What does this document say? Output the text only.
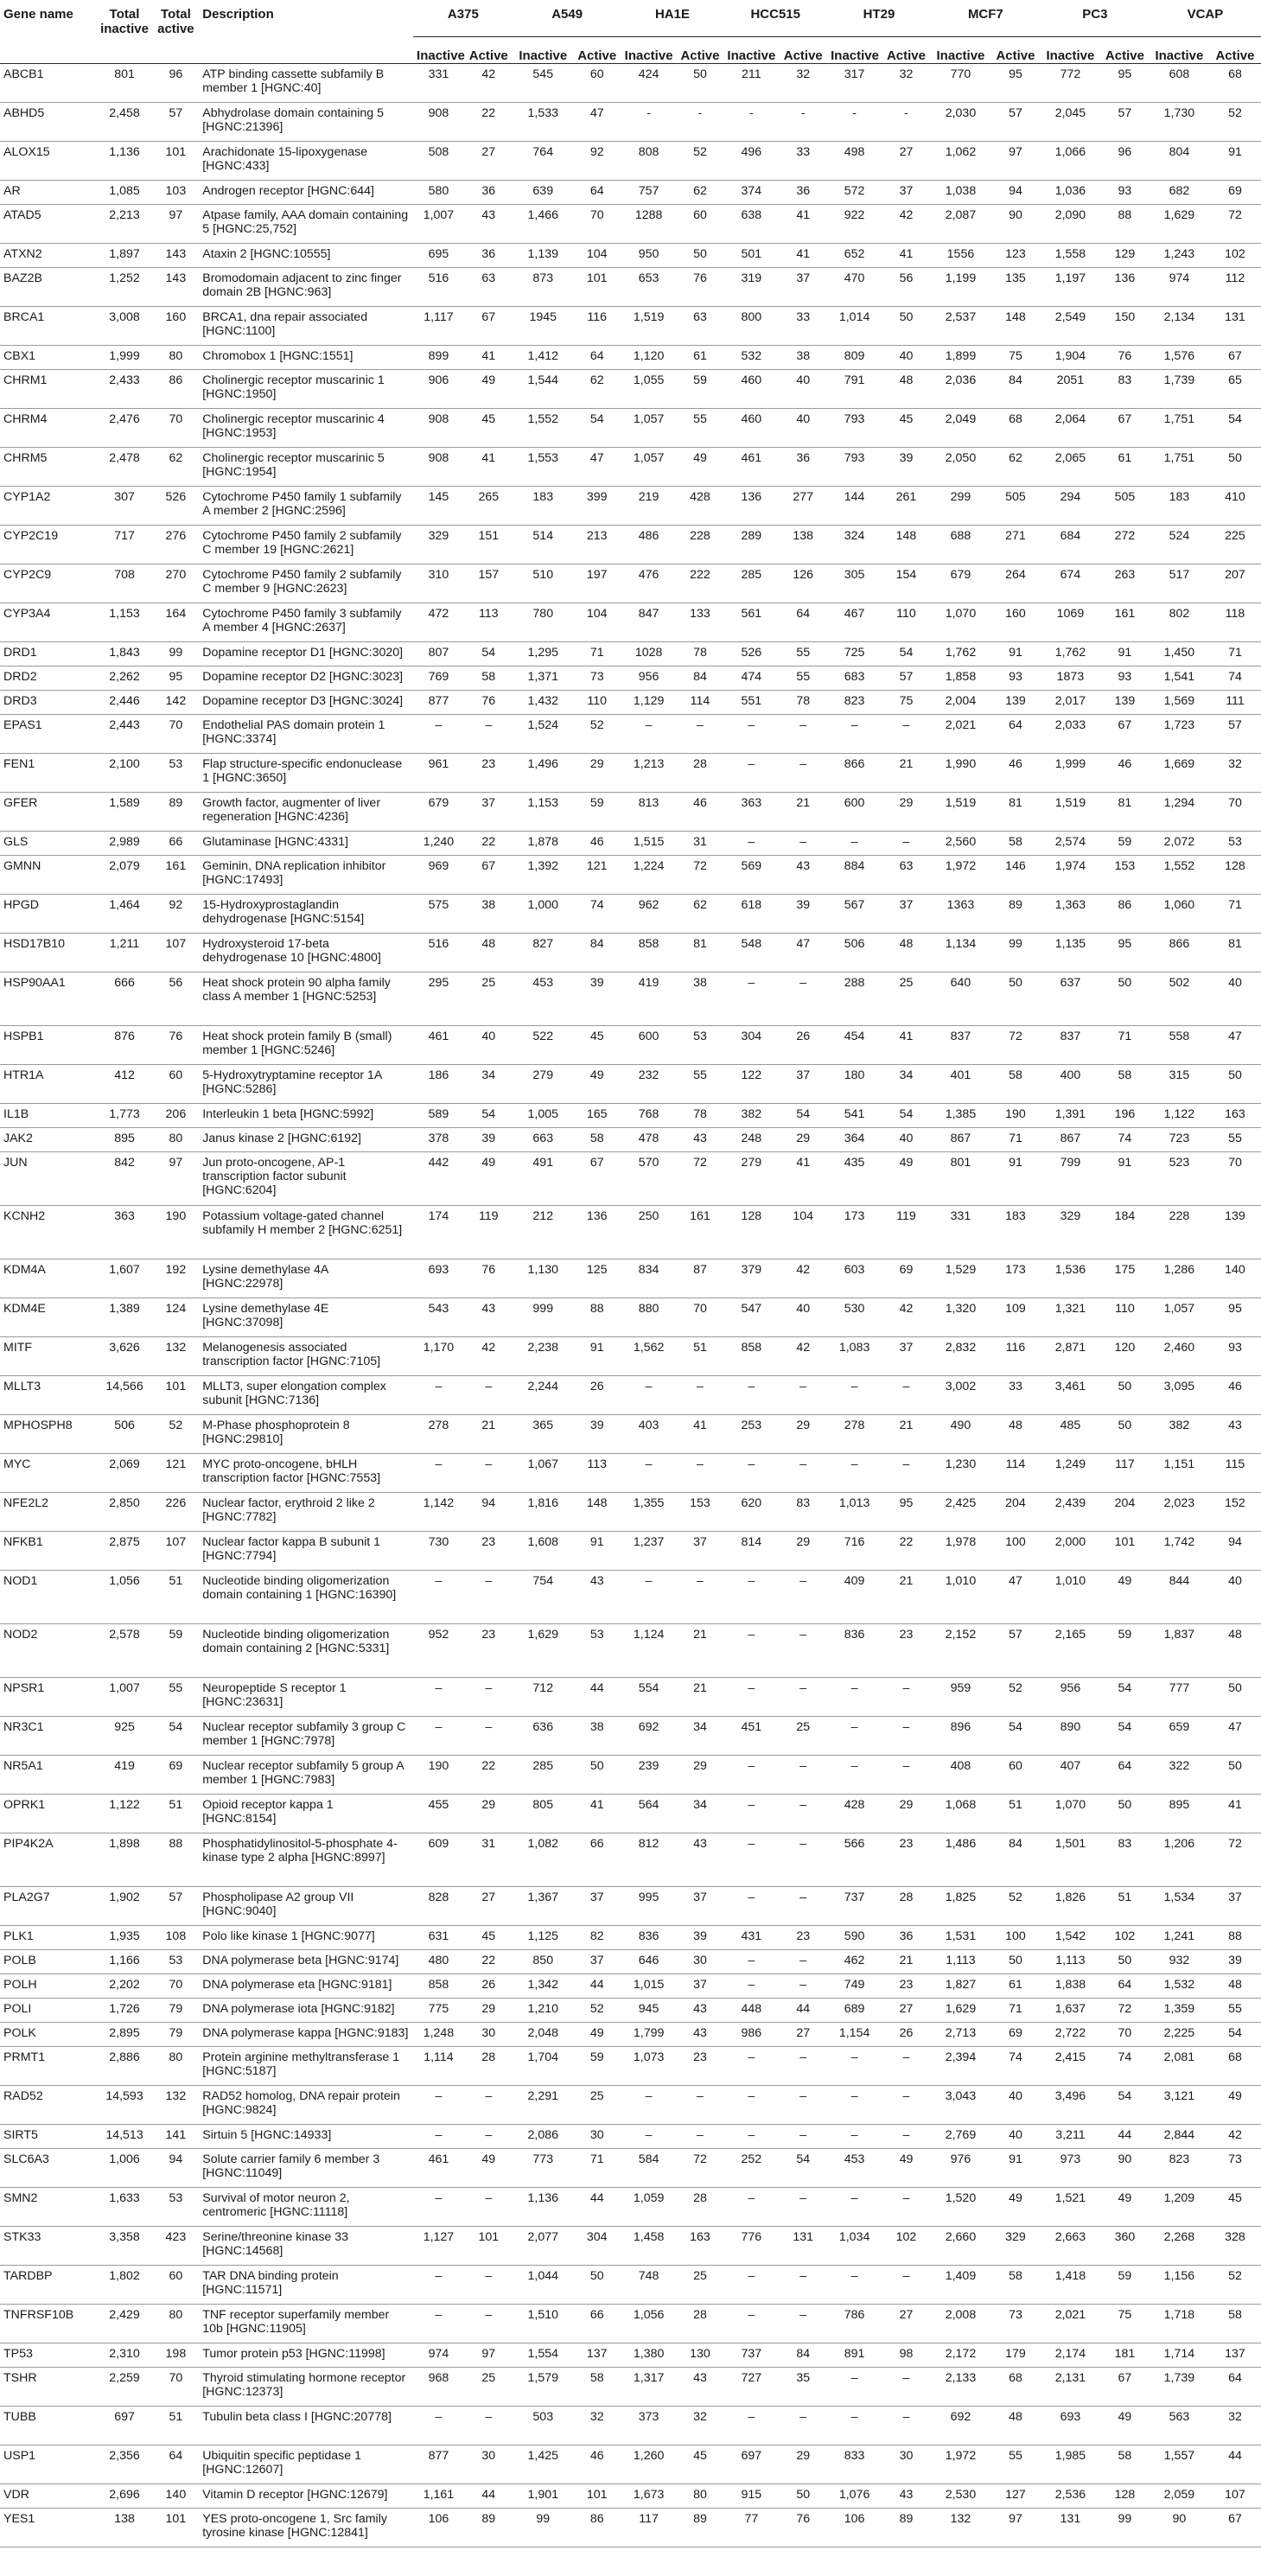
Gene name	Total inactive	Total active	Description	A375		A549		HA1E		HCC515		HT29		MCF7		PC3		VCAP	
				Inactive	Active	Inactive	Active	Inactive	Active	Inactive	Active	Inactive	Active	Inactive	Active	Inactive	Active	Inactive	Active
ABCB1	801	96	ATP binding cassette subfamily B member 1 [HGNC:40]	331	42	545	60	424	50	211	32	317	32	770	95	772	95	608	68
ABHD5	2,458	57	Abhydrolase domain containing 5 [HGNC:21396]	908	22	1,533	47	-	-	-	-	-	-	2,030	57	2,045	57	1,730	52
ALOX15	1,136	101	Arachidonate 15-lipoxygenase [HGNC:433]	508	27	764	92	808	52	496	33	498	27	1,062	97	1,066	96	804	91
AR	1,085	103	Androgen receptor [HGNC:644]	580	36	639	64	757	62	374	36	572	37	1,038	94	1,036	93	682	69
ATAD5	2,213	97	Atpase family, AAA domain containing 5 [HGNC:25,752]	1,007	43	1,466	70	1288	60	638	41	922	42	2,087	90	2,090	88	1,629	72
ATXN2	1,897	143	Ataxin 2 [HGNC:10555]	695	36	1,139	104	950	50	501	41	652	41	1556	123	1,558	129	1,243	102
BAZ2B	1,252	143	Bromodomain adjacent to zinc finger domain 2B [HGNC:963]	516	63	873	101	653	76	319	37	470	56	1,199	135	1,197	136	974	112
BRCA1	3,008	160	BRCA1, dna repair associated [HGNC:1100]	1,117	67	1945	116	1,519	63	800	33	1,014	50	2,537	148	2,549	150	2,134	131
CBX1	1,999	80	Chromobox 1 [HGNC:1551]	899	41	1,412	64	1,120	61	532	38	809	40	1,899	75	1,904	76	1,576	67
CHRM1	2,433	86	Cholinergic receptor muscarinic 1 [HGNC:1950]	906	49	1,544	62	1,055	59	460	40	791	48	2,036	84	2051	83	1,739	65
CHRM4	2,476	70	Cholinergic receptor muscarinic 4 [HGNC:1953]	908	45	1,552	54	1,057	55	460	40	793	45	2,049	68	2,064	67	1,751	54
CHRM5	2,478	62	Cholinergic receptor muscarinic 5 [HGNC:1954]	908	41	1,553	47	1,057	49	461	36	793	39	2,050	62	2,065	61	1,751	50
CYP1A2	307	526	Cytochrome P450 family 1 subfamily A member 2 [HGNC:2596]	145	265	183	399	219	428	136	277	144	261	299	505	294	505	183	410
CYP2C19	717	276	Cytochrome P450 family 2 subfamily C member 19 [HGNC:2621]	329	151	514	213	486	228	289	138	324	148	688	271	684	272	524	225
CYP2C9	708	270	Cytochrome P450 family 2 subfamily C member 9 [HGNC:2623]	310	157	510	197	476	222	285	126	305	154	679	264	674	263	517	207
CYP3A4	1,153	164	Cytochrome P450 family 3 subfamily A member 4 [HGNC:2637]	472	113	780	104	847	133	561	64	467	110	1,070	160	1069	161	802	118
DRD1	1,843	99	Dopamine receptor D1 [HGNC:3020]	807	54	1,295	71	1028	78	526	55	725	54	1,762	91	1,762	91	1,450	71
DRD2	2,262	95	Dopamine receptor D2 [HGNC:3023]	769	58	1,371	73	956	84	474	55	683	57	1,858	93	1873	93	1,541	74
DRD3	2,446	142	Dopamine receptor D3 [HGNC:3024]	877	76	1,432	110	1,129	114	551	78	823	75	2,004	139	2,017	139	1,569	111
EPAS1	2,443	70	Endothelial PAS domain protein 1 [HGNC:3374]	–	–	1,524	52	–	–	–	–	–	–	2,021	64	2,033	67	1,723	57
FEN1	2,100	53	Flap structure-specific endonuclease 1 [HGNC:3650]	961	23	1,496	29	1,213	28	–	–	866	21	1,990	46	1,999	46	1,669	32
GFER	1,589	89	Growth factor, augmenter of liver regeneration [HGNC:4236]	679	37	1,153	59	813	46	363	21	600	29	1,519	81	1,519	81	1,294	70
GLS	2,989	66	Glutaminase [HGNC:4331]	1,240	22	1,878	46	1,515	31	–	–	–	–	2,560	58	2,574	59	2,072	53
GMNN	2,079	161	Geminin, DNA replication inhibitor [HGNC:17493]	969	67	1,392	121	1,224	72	569	43	884	63	1,972	146	1,974	153	1,552	128
HPGD	1,464	92	15-Hydroxyprostaglandin dehydrogenase [HGNC:5154]	575	38	1,000	74	962	62	618	39	567	37	1363	89	1,363	86	1,060	71
HSD17B10	1,211	107	Hydroxysteroid 17-beta dehydrogenase 10 [HGNC:4800]	516	48	827	84	858	81	548	47	506	48	1,134	99	1,135	95	866	81
HSP90AA1	666	56	Heat shock protein 90 alpha family class A member 1 [HGNC:5253]	295	25	453	39	419	38	–	–	288	25	640	50	637	50	502	40
HSPB1	876	76	Heat shock protein family B (small) member 1 [HGNC:5246]	461	40	522	45	600	53	304	26	454	41	837	72	837	71	558	47
HTR1A	412	60	5-Hydroxytryptamine receptor 1A [HGNC:5286]	186	34	279	49	232	55	122	37	180	34	401	58	400	58	315	50
IL1B	1,773	206	Interleukin 1 beta [HGNC:5992]	589	54	1,005	165	768	78	382	54	541	54	1,385	190	1,391	196	1,122	163
JAK2	895	80	Janus kinase 2 [HGNC:6192]	378	39	663	58	478	43	248	29	364	40	867	71	867	74	723	55
JUN	842	97	Jun proto-oncogene, AP-1 transcription factor subunit [HGNC:6204]	442	49	491	67	570	72	279	41	435	49	801	91	799	91	523	70
KCNH2	363	190	Potassium voltage-gated channel subfamily H member 2 [HGNC:6251]	174	119	212	136	250	161	128	104	173	119	331	183	329	184	228	139
KDM4A	1,607	192	Lysine demethylase 4A [HGNC:22978]	693	76	1,130	125	834	87	379	42	603	69	1,529	173	1,536	175	1,286	140
KDM4E	1,389	124	Lysine demethylase 4E [HGNC:37098]	543	43	999	88	880	70	547	40	530	42	1,320	109	1,321	110	1,057	95
MITF	3,626	132	Melanogenesis associated transcription factor [HGNC:7105]	1,170	42	2,238	91	1,562	51	858	42	1,083	37	2,832	116	2,871	120	2,460	93
MLLT3	14,566	101	MLLT3, super elongation complex subunit [HGNC:7136]	–	–	2,244	26	–	–	–	–	–	–	3,002	33	3,461	50	3,095	46
MPHOSPH8	506	52	M-Phase phosphoprotein 8 [HGNC:29810]	278	21	365	39	403	41	253	29	278	21	490	48	485	50	382	43
MYC	2,069	121	MYC proto-oncogene, bHLH transcription factor [HGNC:7553]	–	–	1,067	113	–	–	–	–	–	–	1,230	114	1,249	117	1,151	115
NFE2L2	2,850	226	Nuclear factor, erythroid 2 like 2 [HGNC:7782]	1,142	94	1,816	148	1,355	153	620	83	1,013	95	2,425	204	2,439	204	2,023	152
NFKB1	2,875	107	Nuclear factor kappa B subunit 1 [HGNC:7794]	730	23	1,608	91	1,237	37	814	29	716	22	1,978	100	2,000	101	1,742	94
NOD1	1,056	51	Nucleotide binding oligomerization domain containing 1 [HGNC:16390]	–	–	754	43	–	–	–	–	409	21	1,010	47	1,010	49	844	40
NOD2	2,578	59	Nucleotide binding oligomerization domain containing 2 [HGNC:5331]	952	23	1,629	53	1,124	21	–	–	836	23	2,152	57	2,165	59	1,837	48
NPSR1	1,007	55	Neuropeptide S receptor 1 [HGNC:23631]	–	–	712	44	554	21	–	–	–	–	959	52	956	54	777	50
NR3C1	925	54	Nuclear receptor subfamily 3 group C member 1 [HGNC:7978]	–	–	636	38	692	34	451	25	–	–	896	54	890	54	659	47
NR5A1	419	69	Nuclear receptor subfamily 5 group A member 1 [HGNC:7983]	190	22	285	50	239	29	–	–	–	–	408	60	407	64	322	50
OPRK1	1,122	51	Opioid receptor kappa 1 [HGNC:8154]	455	29	805	41	564	34	–	–	428	29	1,068	51	1,070	50	895	41
PIP4K2A	1,898	88	Phosphatidylinositol-5-phosphate 4-kinase type 2 alpha [HGNC:8997]	609	31	1,082	66	812	43	–	–	566	23	1,486	84	1,501	83	1,206	72
PLA2G7	1,902	57	Phospholipase A2 group VII [HGNC:9040]	828	27	1,367	37	995	37	–	–	737	28	1,825	52	1,826	51	1,534	37
PLK1	1,935	108	Polo like kinase 1 [HGNC:9077]	631	45	1,125	82	836	39	431	23	590	36	1,531	100	1,542	102	1,241	88
POLB	1,166	53	DNA polymerase beta [HGNC:9174]	480	22	850	37	646	30	–	–	462	21	1,113	50	1,113	50	932	39
POLH	2,202	70	DNA polymerase eta [HGNC:9181]	858	26	1,342	44	1,015	37	–	–	749	23	1,827	61	1,838	64	1,532	48
POLI	1,726	79	DNA polymerase iota [HGNC:9182]	775	29	1,210	52	945	43	448	44	689	27	1,629	71	1,637	72	1,359	55
POLK	2,895	79	DNA polymerase kappa [HGNC:9183]	1,248	30	2,048	49	1,799	43	986	27	1,154	26	2,713	69	2,722	70	2,225	54
PRMT1	2,886	80	Protein arginine methyltransferase 1 [HGNC:5187]	1,114	28	1,704	59	1,073	23	–	–	–	–	2,394	74	2,415	74	2,081	68
RAD52	14,593	132	RAD52 homolog, DNA repair protein [HGNC:9824]	–	–	2,291	25	–	–	–	–	–	–	3,043	40	3,496	54	3,121	49
SIRT5	14,513	141	Sirtuin 5 [HGNC:14933]	–	–	2,086	30	–	–	–	–	–	–	2,769	40	3,211	44	2,844	42
SLC6A3	1,006	94	Solute carrier family 6 member 3 [HGNC:11049]	461	49	773	71	584	72	252	54	453	49	976	91	973	90	823	73
SMN2	1,633	53	Survival of motor neuron 2, centromeric [HGNC:11118]	–	–	1,136	44	1,059	28	–	–	–	–	1,520	49	1,521	49	1,209	45
STK33	3,358	423	Serine/threonine kinase 33 [HGNC:14568]	1,127	101	2,077	304	1,458	163	776	131	1,034	102	2,660	329	2,663	360	2,268	328
TARDBP	1,802	60	TAR DNA binding protein [HGNC:11571]	–	–	1,044	50	748	25	–	–	–	–	1,409	58	1,418	59	1,156	52
TNFRSF10B	2,429	80	TNF receptor superfamily member 10b [HGNC:11905]	–	–	1,510	66	1,056	28	–	–	786	27	2,008	73	2,021	75	1,718	58
TP53	2,310	198	Tumor protein p53 [HGNC:11998]	974	97	1,554	137	1,380	130	737	84	891	98	2,172	179	2,174	181	1,714	137
TSHR	2,259	70	Thyroid stimulating hormone receptor [HGNC:12373]	968	25	1,579	58	1,317	43	727	35	–	–	2,133	68	2,131	67	1,739	64
TUBB	697	51	Tubulin beta class I [HGNC:20778]	–	–	503	32	373	32	–	–	–	–	692	48	693	49	563	32
USP1	2,356	64	Ubiquitin specific peptidase 1 [HGNC:12607]	877	30	1,425	46	1,260	45	697	29	833	30	1,972	55	1,985	58	1,557	44
VDR	2,696	140	Vitamin D receptor [HGNC:12679]	1,161	44	1,901	101	1,673	80	915	50	1,076	43	2,530	127	2,536	128	2,059	107
YES1	138	101	YES proto-oncogene 1, Src family tyrosine kinase [HGNC:12841]	106	89	99	86	117	89	77	76	106	89	132	97	131	99	90	67
